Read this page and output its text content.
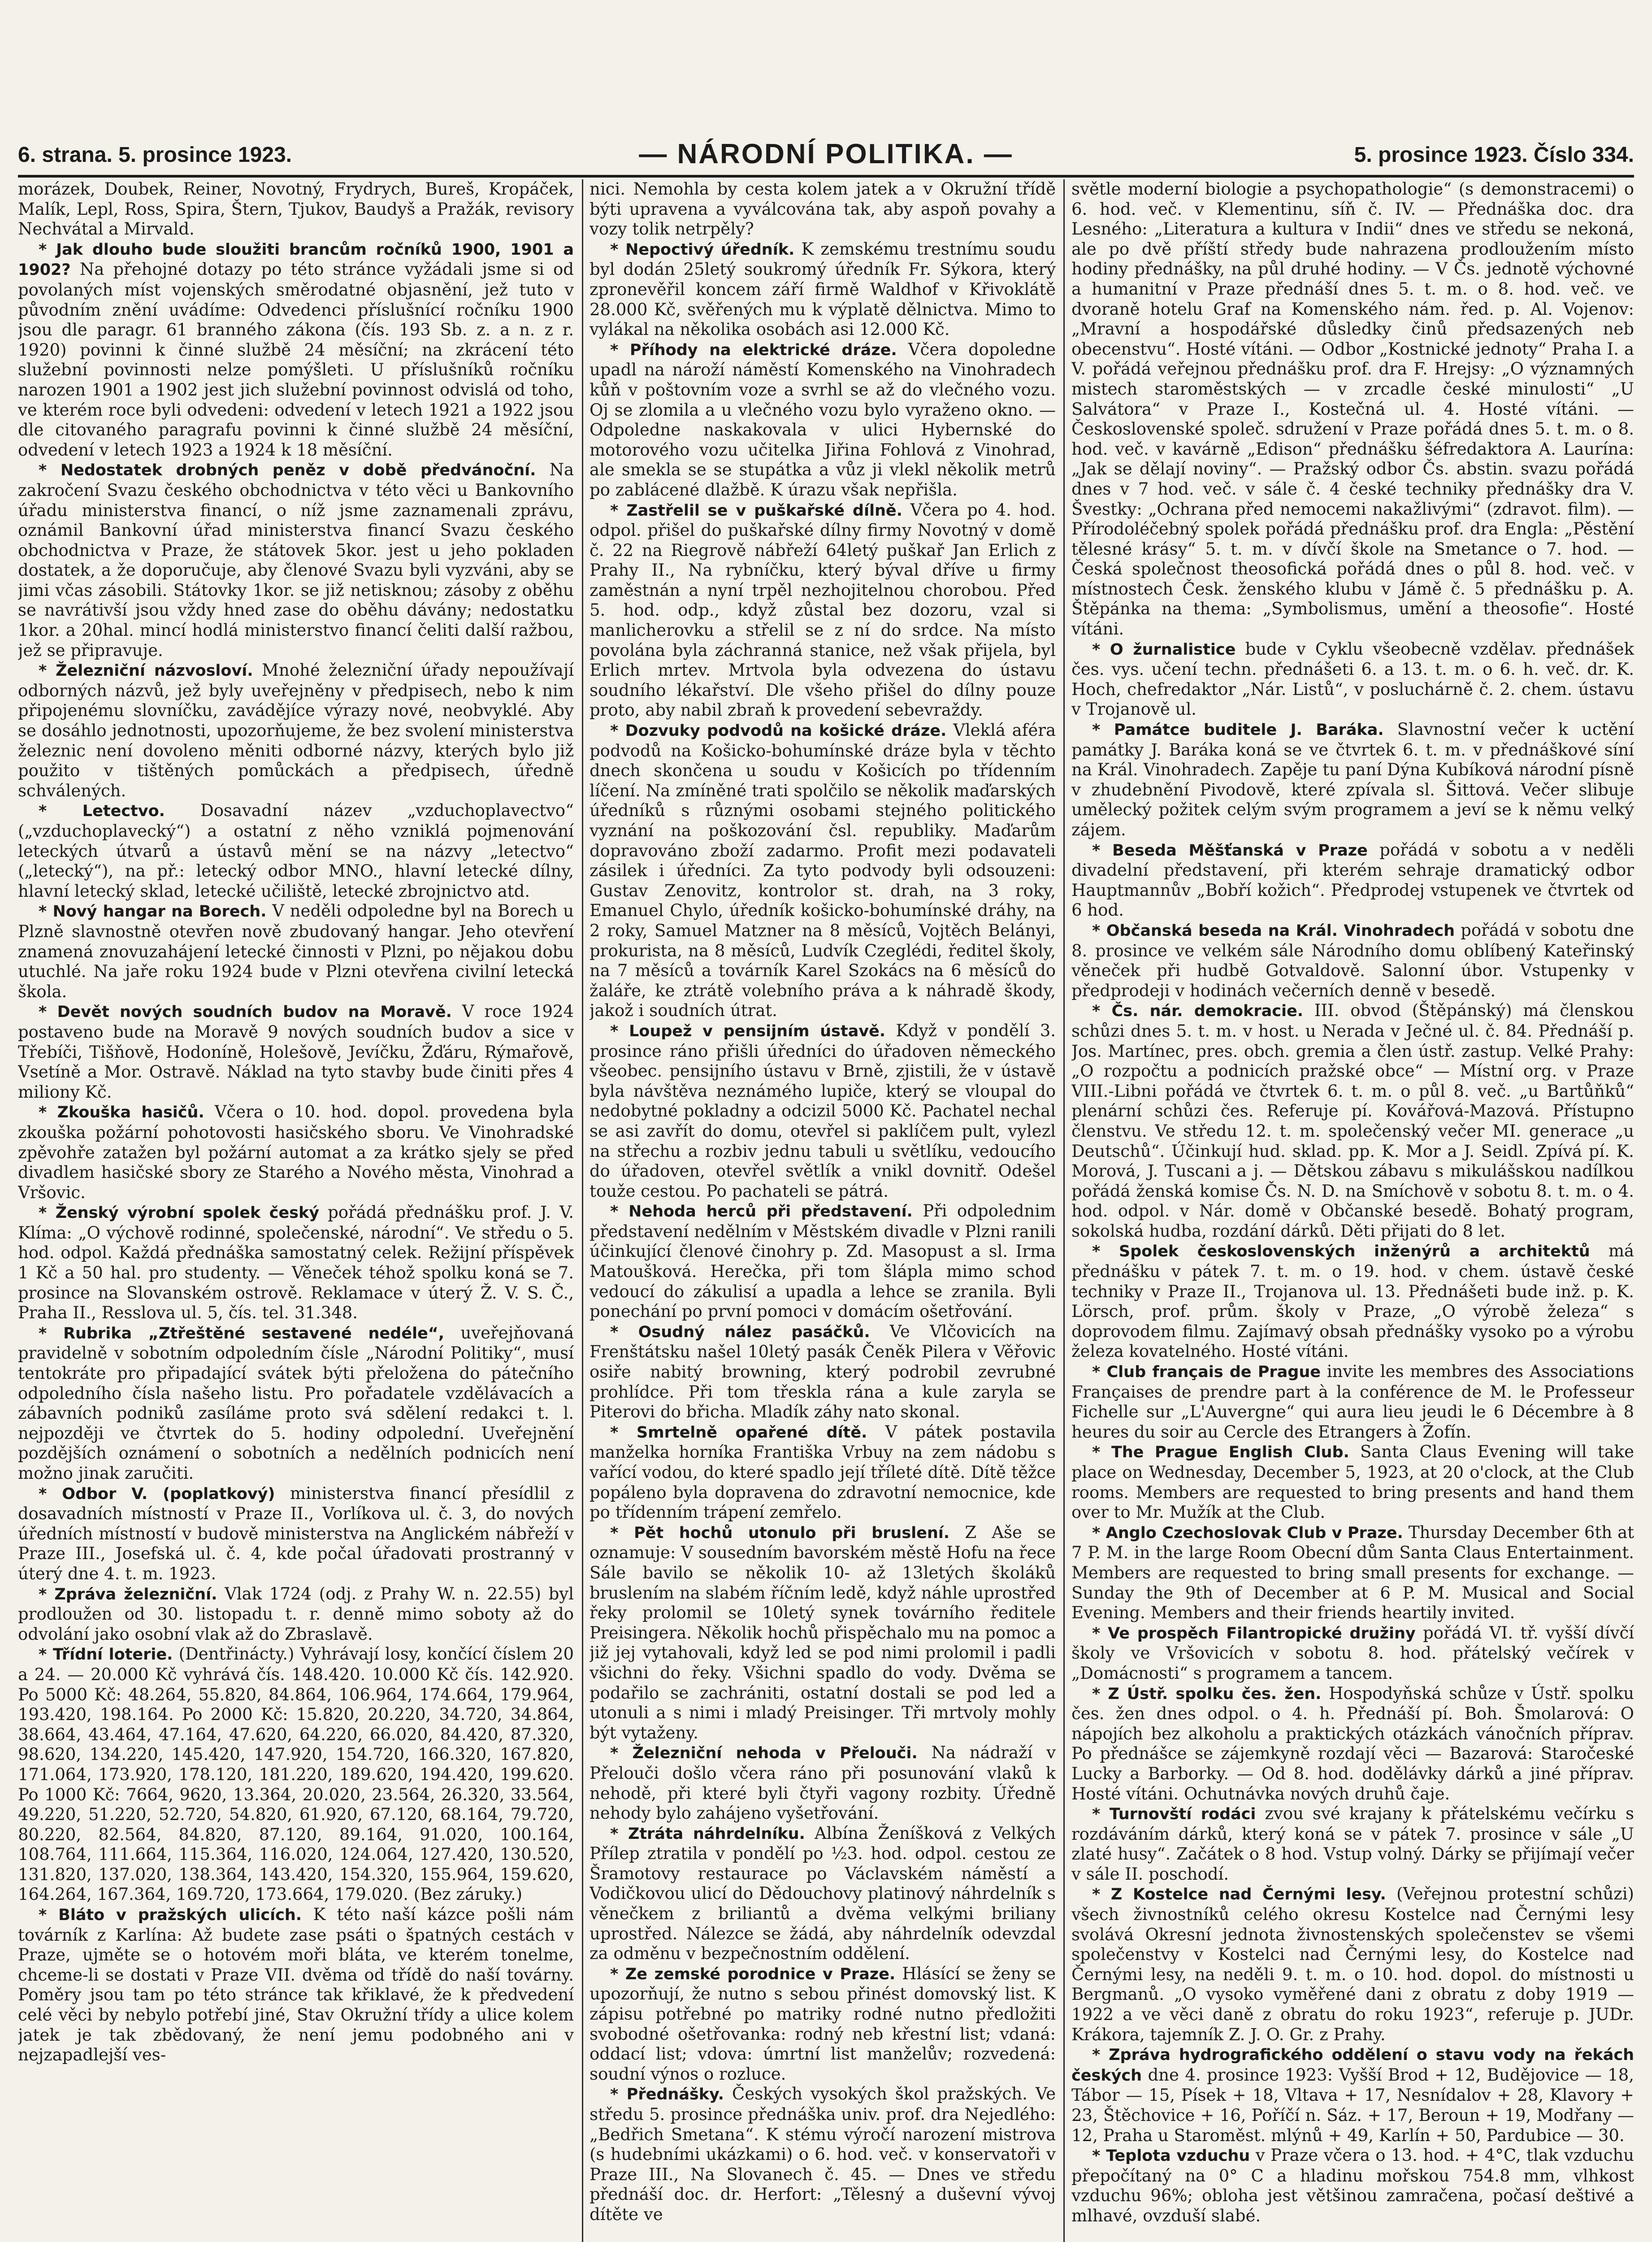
6. strana. 5. prosince 1923.	— NÁRODNÍ POLITIKA. —	5. prosince 1923. Číslo 334.

morázek, Doubek, Reiner, Novotný, Frydrych, Bureš, Kropáček, Malík, Lepl, Ross, Spira, Štern, Tjukov, Baudyš a Pražák, revisory Nechvátal a Mirvald.

* Jak dlouho bude sloužiti brancům ročníků 1900, 1901 a 1902? Na přehojné dotazy po této stránce vyžádali jsme si od povolaných míst vojenských směrodatné objasnění, jež tuto v původním znění uvádíme: Odvedenci příslušnící ročníku 1900 jsou dle paragr. 61 branného zákona (čís. 193 Sb. z. a n. z r. 1920) povinni k činné službě 24 měsíční; na zkrácení této služební povinnosti nelze pomýšleti. U příslušníků ročníku narozen 1901 a 1902 jest jich služební povinnost odvislá od toho, ve kterém roce byli odvedeni: odvedení v letech 1921 a 1922 jsou dle citovaného paragrafu povinni k činné službě 24 měsíční, odvedení v letech 1923 a 1924 k 18 měsíční.

* Nedostatek drobných peněz v době předvánoční. Na zakročení Svazu českého obchodnictva v této věci u Bankovního úřadu ministerstva financí, o níž jsme zaznamenali zprávu, oznámil Bankovní úřad ministerstva financí Svazu českého obchodnictva v Praze, že státovek 5kor. jest u jeho pokladen dostatek, a že doporučuje, aby členové Svazu byli vyzváni, aby se jimi včas zásobili. Státovky 1kor. se již netisknou; zásoby z oběhu se navrátivší jsou vždy hned zase do oběhu dávány; nedostatku 1kor. a 20hal. mincí hodlá ministerstvo financí čeliti další ražbou, jež se připravuje.

* Železniční názvosloví. Mnohé železniční úřady nepoužívají odborných názvů, jež byly uveřejněny v předpisech, nebo k nim připojenému slovníčku, zavádějíce výrazy nové, neobvyklé. Aby se dosáhlo jednotnosti, upozorňujeme, že bez svolení ministerstva železnic není dovoleno měniti odborné názvy, kterých bylo již použito v tištěných pomůckách a předpisech, úředně schválených.

* Letectvo. Dosavadní název „vzduchoplavectvo“ („vzduchoplavecký“) a ostatní z něho vzniklá pojmenování leteckých útvarů a ústavů mění se na názvy „letectvo“ („letecký“), na př.: letecký odbor MNO., hlavní letecké dílny, hlavní letecký sklad, letecké učiliště, letecké zbrojnictvo atd.

* Nový hangar na Borech. V neděli odpoledne byl na Borech u Plzně slavnostně otevřen nově zbudovaný hangar. Jeho otevření znamená znovuzahájení letecké činnosti v Plzni, po nějakou dobu utuchlé. Na jaře roku 1924 bude v Plzni otevřena civilní letecká škola.

* Devět nových soudních budov na Moravě. V roce 1924 postaveno bude na Moravě 9 nových soudních budov a sice v Třebíči, Tišňově, Hodoníně, Holešově, Jevíčku, Žďáru, Rýmařově, Vsetíně a Mor. Ostravě. Náklad na tyto stavby bude činiti přes 4 miliony Kč.

* Zkouška hasičů. Včera o 10. hod. dopol. provedena byla zkouška požární pohotovosti hasičského sboru. Ve Vinohradské zpěvohře zatažen byl požární automat a za krátko sjely se před divadlem hasičské sbory ze Starého a Nového města, Vinohrad a Vršovic.

* Ženský výrobní spolek český pořádá přednášku prof. J. V. Klíma: „O výchově rodinné, společenské, národní“. Ve středu o 5. hod. odpol. Každá přednáška samostatný celek. Režijní příspěvek 1 Kč a 50 hal. pro studenty. — Věneček téhož spolku koná se 7. prosince na Slovanském ostrově. Reklamace v úterý Ž. V. S. Č., Praha II., Resslova ul. 5, čís. tel. 31.348.

* Rubrika „Ztřeštěné sestavené nedéle“, uveřejňovaná pravidelně v sobotním odpoledním čísle „Národní Politiky“, musí tentokráte pro připadající svátek býti přeložena do pátečního odpoledního čísla našeho listu. Pro pořadatele vzdělávacích a zábavních podniků zasíláme proto svá sdělení redakci t. l. nejpozději ve čtvrtek do 5. hodiny odpolední. Uveřejnění pozdějších oznámení o sobotních a nedělních podnicích není možno jinak zaručiti.

* Odbor V. (poplatkový) ministerstva financí přesídlil z dosavadních místností v Praze II., Vorlíkova ul. č. 3, do nových úředních místností v budově ministerstva na Anglickém nábřeží v Praze III., Josefská ul. č. 4, kde počal úřadovati prostranný v úterý dne 4. t. m. 1923.

* Zpráva železniční. Vlak 1724 (odj. z Prahy W. n. 22.55) byl prodloužen od 30. listopadu t. r. denně mimo soboty až do odvolání jako osobní vlak až do Zbraslavě.

* Třídní loterie. (Dentřinácty.) Vyhrávají losy, končící číslem 20 a 24. — 20.000 Kč vyhrává čís. 148.420. 10.000 Kč čís. 142.920. Po 5000 Kč: 48.264, 55.820, 84.864, 106.964, 174.664, 179.964, 193.420, 198.164. Po 2000 Kč: 15.820, 20.220, 34.720, 34.864, 38.664, 43.464, 47.164, 47.620, 64.220, 66.020, 84.420, 87.320, 98.620, 134.220, 145.420, 147.920, 154.720, 166.320, 167.820, 171.064, 173.920, 178.120, 181.220, 189.620, 194.420, 199.620. Po 1000 Kč: 7664, 9620, 13.364, 20.020, 23.564, 26.320, 33.564, 49.220, 51.220, 52.720, 54.820, 61.920, 67.120, 68.164, 79.720, 80.220, 82.564, 84.820, 87.120, 89.164, 91.020, 100.164, 108.764, 111.664, 115.364, 116.020, 124.064, 127.420, 130.520, 131.820, 137.020, 138.364, 143.420, 154.320, 155.964, 159.620, 164.264, 167.364, 169.720, 173.664, 179.020. (Bez záruky.)

* Bláto v pražských ulicích. K této naší kázce pošli nám továrník z Karlína: Až budete zase psáti o špatných cestách v Praze, ujměte se o hotovém moři bláta, ve kterém tonelme, chceme-li se dostati v Praze VII. dvěma od třídě do naší továrny. Poměry jsou tam po této stránce tak křiklavé, že k předvedení celé věci by nebylo potřebí jiné, Stav Okružní třídy a ulice kolem jatek je tak zbědovaný, že není jemu podobného ani v nejzapadlejší ves-

nici. Nemohla by cesta kolem jatek a v Okružní třídě býti upravena a vyválcována tak, aby aspoň povahy a vozy tolik netrpěly?

* Nepoctivý úředník. K zemskému trestnímu soudu byl dodán 25letý soukromý úředník Fr. Sýkora, který zpronevěřil koncem září firmě Waldhof v Křivoklátě 28.000 Kč, svěřených mu k výplatě dělnictva. Mimo to vylákal na několika osobách asi 12.000 Kč.

* Příhody na elektrické dráze. Včera dopoledne upadl na nároží náměstí Komenského na Vinohradech kůň v poštovním voze a svrhl se až do vlečného vozu. Oj se zlomila a u vlečného vozu bylo vyraženo okno. — Odpoledne naskakovala v ulici Hybernské do motorového vozu učitelka Jiřina Fohlová z Vinohrad, ale smekla se se stupátka a vůz ji vlekl několik metrů po zablácené dlažbě. K úrazu však nepřišla.

* Zastřelil se v puškařské dílně. Včera po 4. hod. odpol. přišel do puškařské dílny firmy Novotný v domě č. 22 na Riegrově nábřeží 64letý puškař Jan Erlich z Prahy II., Na rybníčku, který býval dříve u firmy zaměstnán a nyní trpěl nezhojitelnou chorobou. Před 5. hod. odp., když zůstal bez dozoru, vzal si manlicherovku a střelil se z ní do srdce. Na místo povolána byla záchranná stanice, než však přijela, byl Erlich mrtev. Mrtvola byla odvezena do ústavu soudního lékařství. Dle všeho přišel do dílny pouze proto, aby nabil zbraň k provedení sebevraždy.

* Dozvuky podvodů na košické dráze. Vleklá aféra podvodů na Košicko-bohumínské dráze byla v těchto dnech skončena u soudu v Košicích po třídenním líčení. Na zmíněné trati spolčilo se několik maďarských úředníků s různými osobami stejného politického vyznání na poškozování čsl. republiky. Maďarům dopravováno zboží zadarmo. Profit mezi podavateli zásilek i úředníci. Za tyto podvody byli odsouzeni: Gustav Zenovitz, kontrolor st. drah, na 3 roky, Emanuel Chylo, úředník košicko-bohumínské dráhy, na 2 roky, Samuel Matzner na 8 měsíců, Vojtěch Belányi, prokurista, na 8 měsíců, Ludvík Czeglédi, ředitel školy, na 7 měsíců a továrník Karel Szokács na 6 měsíců do žaláře, ke ztrátě volebního práva a k náhradě škody, jakož i soudních útrat.

* Loupež v pensijním ústavě. Když v pondělí 3. prosince ráno přišli úředníci do úřadoven německého všeobec. pensijního ústavu v Brně, zjistili, že v ústavě byla návštěva neznámého lupiče, který se vloupal do nedobytné pokladny a odcizil 5000 Kč. Pachatel nechal se asi zavřít do domu, otevřel si paklíčem pult, vylezl na střechu a rozbiv jednu tabuli u světlíku, vedoucího do úřadoven, otevřel světlík a vnikl dovnitř. Odešel touže cestou. Po pachateli se pátrá.

* Nehoda herců při představení. Při odpolednim představení nedělním v Městském divadle v Plzni ranili účinkující členové činohry p. Zd. Masopust a sl. Irma Matoušková. Herečka, při tom šlápla mimo schod vedoucí do zákulisí a upadla a lehce se zranila. Byli ponechání po první pomoci v domácím ošetřování.

* Osudný nález pasáčků. Ve Vlčovicích na Frenštátsku našel 10letý pasák Čeněk Pilera v Věřovic osiře nabitý browning, který podrobil zevrubné prohlídce. Při tom třeskla rána a kule zaryla se Piterovi do břicha. Mladík záhy nato skonal.

* Smrtelně opařené dítě. V pátek postavila manželka horníka Františka Vrbuy na zem nádobu s vařící vodou, do které spadlo její tříleté dítě. Dítě těžce popáleno byla dopravena do zdravotní nemocnice, kde po třídenním trápení zemřelo.

* Pět hochů utonulo při bruslení. Z Aše se oznamuje: V sousedním bavorském městě Hofu na řece Sále bavilo se několik 10- až 13letých školáků bruslením na slabém říčním ledě, když náhle uprostřed řeky prolomil se 10letý synek továrního ředitele Preisingera. Několik hochů přispěchalo mu na pomoc a již jej vytahovali, když led se pod nimi prolomil i padli všichni do řeky. Všichni spadlo do vody. Dvěma se podařilo se zachrániti, ostatní dostali se pod led a utonuli a s nimi i mladý Preisinger. Tři mrtvoly mohly být vytaženy.

* Železniční nehoda v Přelouči. Na nádraží v Přelouči došlo včera ráno při posunování vlaků k nehodě, při které byli čtyři vagony rozbity. Úředně nehody bylo zahájeno vyšetřování.

* Ztráta náhrdelníku. Albína Ženíšková z Velkých Přílep ztratila v pondělí po ½3. hod. odpol. cestou ze Šramotovy restaurace po Václavském náměstí a Vodičkovou ulicí do Dědouchovy platinový náhrdelník s věnečkem z briliantů a dvěma velkými briliany uprostřed. Nálezce se žádá, aby náhrdelník odevzdal za odměnu v bezpečnostním oddělení.

* Ze zemské porodnice v Praze. Hlásící se ženy se upozorňují, že nutno s sebou přinést domovský list. K zápisu potřebné po matriky rodné nutno předložiti svobodné ošetřovanka: rodný neb křestní list; vdaná: oddací list; vdova: úmrtní list manželův; rozvedená: soudní výnos o rozluce.

* Přednášky. Českých vysokých škol pražských. Ve středu 5. prosince přednáška univ. prof. dra Nejedlého: „Bedřich Smetana“. K stému výročí narození mistrova (s hudebními ukázkami) o 6. hod. več. v konservatoři v Praze III., Na Slovanech č. 45. — Dnes ve středu přednáší doc. dr. Herfort: „Tělesný a duševní vývoj dítěte ve

světle moderní biologie a psychopathologie“ (s demonstracemi) o 6. hod. več. v Klementinu, síň č. IV. — Přednáška doc. dra Lesného: „Literatura a kultura v Indii“ dnes ve středu se nekoná, ale po dvě příští středy bude nahrazena prodloužením místo hodiny přednášky, na půl druhé hodiny. — V Čs. jednotě výchovné a humanitní v Praze přednáší dnes 5. t. m. o 8. hod. več. ve dvoraně hotelu Graf na Komenského nám. řed. p. Al. Vojenov: „Mravní a hospodářské důsledky činů předsazených neb obecenstvu“. Hosté vítáni. — Odbor „Kostnické jednoty“ Praha I. a V. pořádá veřejnou přednášku prof. dra F. Hrejsy: „O významných mistech staroměstských — v zrcadle české minulosti“ „U Salvátora“ v Praze I., Kostečná ul. 4. Hosté vítáni. — Československé společ. sdružení v Praze pořádá dnes 5. t. m. o 8. hod. več. v kavárně „Edison“ přednášku šéfredaktora A. Laurína: „Jak se dělají noviny“. — Pražský odbor Čs. abstin. svazu pořádá dnes v 7 hod. več. v sále č. 4 české techniky přednášky dra V. Švestky: „Ochrana před nemocemi nakažlivými“ (zdravot. film). — Přírodoléčebný spolek pořádá přednášku prof. dra Engla: „Pěstění tělesné krásy“ 5. t. m. v dívčí škole na Smetance o 7. hod. — Česká společnost theosofická pořádá dnes o půl 8. hod. več. v místnostech Česk. ženského klubu v Jámě č. 5 přednášku p. A. Štěpánka na thema: „Symbolismus, umění a theosofie“. Hosté vítáni.

* O žurnalistice bude v Cyklu všeobecně vzdělav. přednášek čes. vys. učení techn. přednášeti 6. a 13. t. m. o 6. h. več. dr. K. Hoch, chefredaktor „Nár. Listů“, v posluchárně č. 2. chem. ústavu v Trojanově ul.

* Památce buditele J. Baráka. Slavnostní večer k uctění památky J. Baráka koná se ve čtvrtek 6. t. m. v přednáškové síní na Král. Vinohradech. Zapěje tu paní Dýna Kubíková národní písně v zhudebnění Pivodově, které zpívala sl. Šittová. Večer slibuje umělecký požitek celým svým programem a jeví se k němu velký zájem.

* Beseda Měšťanská v Praze pořádá v sobotu a v neděli divadelní představení, při kterém sehraje dramatický odbor Hauptmannův „Bobří kožich“. Předprodej vstupenek ve čtvrtek od 6 hod.

* Občanská beseda na Král. Vinohradech pořádá v sobotu dne 8. prosince ve velkém sále Národního domu oblíbený Kateřinský věneček při hudbě Gotvaldově. Salonní úbor. Vstupenky v předprodeji v hodinách večerních denně v besedě.

* Čs. nár. demokracie. III. obvod (Štěpánský) má členskou schůzi dnes 5. t. m. v host. u Nerada v Ječné ul. č. 84. Přednáší p. Jos. Martínec, pres. obch. gremia a člen ústř. zastup. Velké Prahy: „O rozpočtu a podnicích pražské obce“ — Místní org. v Praze VIII.-Libni pořádá ve čtvrtek 6. t. m. o půl 8. več. „u Bartůňků“ plenární schůzi čes. Referuje pí. Kovářová-Mazová. Přístupno členstvu. Ve středu 12. t. m. společenský večer MI. generace „u Deutschů“. Účinkují hud. sklad. pp. K. Mor a J. Seidl. Zpívá pí. K. Morová, J. Tuscani a j. — Dětskou zábavu s mikulášskou nadílkou pořádá ženská komise Čs. N. D. na Smíchově v sobotu 8. t. m. o 4. hod. odpol. v Nár. domě v Občanské besedě. Bohatý program, sokolská hudba, rozdání dárků. Děti přijati do 8 let.

* Spolek československých inženýrů a architektů má přednášku v pátek 7. t. m. o 19. hod. v chem. ústavě české techniky v Praze II., Trojanova ul. 13. Přednášeti bude inž. p. K. Lörsch, prof. prům. školy v Praze, „O výrobě železa“ s doprovodem filmu. Zajímavý obsah přednášky vysoko po a výrobu železa kovatelného. Hosté vítáni.

* Club français de Prague invite les membres des Associations Françaises de prendre part à la conférence de M. le Professeur Fichelle sur „L'Auvergne“ qui aura lieu jeudi le 6 Décembre à 8 heures du soir au Cercle des Etrangers à Žofín.

* The Prague English Club. Santa Claus Evening will take place on Wednesday, December 5, 1923, at 20 o'clock, at the Club rooms. Members are requested to bring presents and hand them over to Mr. Mužík at the Club.

* Anglo Czechoslovak Club v Praze. Thursday December 6th at 7 P. M. in the large Room Obecní dům Santa Claus Entertainment. Members are requested to bring small presents for exchange. — Sunday the 9th of December at 6 P. M. Musical and Social Evening. Members and their friends heartily invited.

* Ve prospěch Filantropické družiny pořádá VI. tř. vyšší dívčí školy ve Vršovicích v sobotu 8. hod. přátelský večírek v „Domácnosti“ s programem a tancem.

* Z Ústř. spolku čes. žen. Hospodyňská schůze v Ústř. spolku čes. žen dnes odpol. o 4. h. Přednáší pí. Boh. Šmolarová: O nápojích bez alkoholu a praktických otázkách vánočních příprav. Po přednášce se zájemkyně rozdají věci — Bazarová: Staročeské Lucky a Barborky. — Od 8. hod. dodělávky dárků a jiné příprav. Hosté vítáni. Ochutnávka nových druhů čaje.

* Turnovští rodáci zvou své krajany k přátelskému večírku s rozdáváním dárků, který koná se v pátek 7. prosince v sále „U zlaté husy“. Začátek o 8 hod. Vstup volný. Dárky se přijímají večer v sále II. poschodí.

* Z Kostelce nad Černými lesy. (Veřejnou protestní schůzi) všech živnostníků celého okresu Kostelce nad Černými lesy svolává Okresní jednota živnostenských společenstev se všemi společenstvy v Kostelci nad Černými lesy, do Kostelce nad Černými lesy, na neděli 9. t. m. o 10. hod. dopol. do místnosti u Bergmanů. „O vysoko vyměřené dani z obratu z doby 1919 — 1922 a ve věci daně z obratu do roku 1923“, referuje p. JUDr. Krákora, tajemník Z. J. O. Gr. z Prahy.

* Zpráva hydrografického oddělení o stavu vody na řekách českých dne 4. prosince 1923: Vyšší Brod + 12, Budějovice — 18, Tábor — 15, Písek + 18, Vltava + 17, Nesnídalov + 28, Klavory + 23, Štěchovice + 16, Poříčí n. Sáz. + 17, Beroun + 19, Modřany — 12, Praha u Staroměst. mlýnů + 49, Karlín + 50, Pardubice — 30.

* Teplota vzduchu v Praze včera o 13. hod. + 4°C, tlak vzduchu přepočítaný na 0° C a hladinu mořskou 754.8 mm, vlhkost vzduchu 96%; obloha jest většinou zamračena, počasí deštivé a mlhavé, ovzduší slabé.
